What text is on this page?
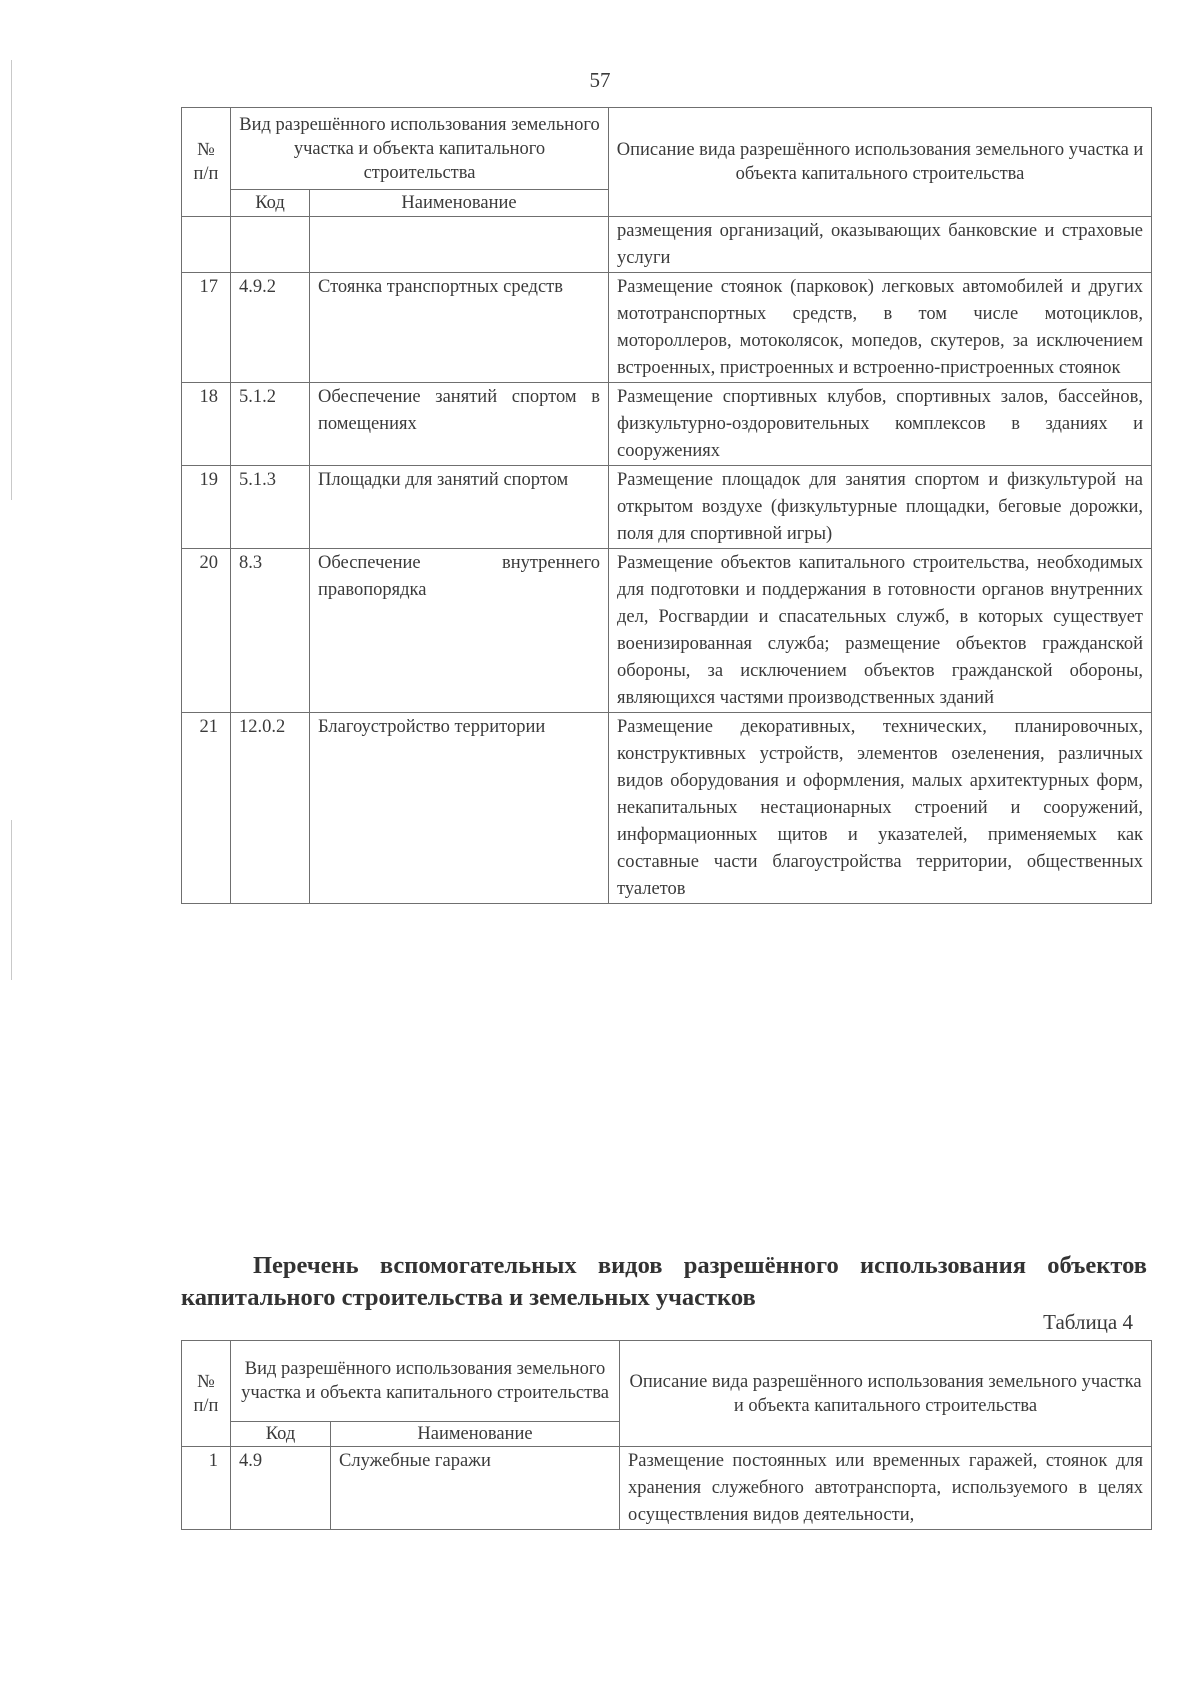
57
№ п/п	Вид разрешённого использования земельного участка и объекта капитального строительства		Описание вида разрешённого использования земельного участка и объекта капитального строительства
	Код	Наименование	
			размещения организаций, оказывающих банковские и страховые услуги
17	4.9.2	Стоянка транспортных средств	Размещение стоянок (парковок) легковых автомобилей и других мототранспортных средств, в том числе мотоциклов, мотороллеров, мотоколясок, мопедов, скутеров, за исключением встроенных, пристроенных и встроенно-пристроенных стоянок
18	5.1.2	Обеспечение занятий спортом в помещениях	Размещение спортивных клубов, спортивных залов, бассейнов, физкультурно-оздоровительных комплексов в зданиях и сооружениях
19	5.1.3	Площадки для занятий спортом	Размещение площадок для занятия спортом и физкультурой на открытом воздухе (физкультурные площадки, беговые дорожки, поля для спортивной игры)
20	8.3	Обеспечение внутреннего правопорядка	Размещение объектов капитального строительства, необходимых для подготовки и поддержания в готовности органов внутренних дел, Росгвардии и спасательных служб, в которых существует военизированная служба; размещение объектов гражданской обороны, за исключением объектов гражданской обороны, являющихся частями производственных зданий
21	12.0.2	Благоустройство территории	Размещение декоративных, технических, планировочных, конструктивных устройств, элементов озеленения, различных видов оборудования и оформления, малых архитектурных форм, некапитальных нестационарных строений и сооружений, информационных щитов и указателей, применяемых как составные части благоустройства территории, общественных туалетов
Перечень вспомогательных видов разрешённого использования объектов капитального строительства и земельных участков
Таблица 4
№ п/п	Вид разрешённого использования земельного участка и объекта капитального строительства		Описание вида разрешённого использования земельного участка и объекта капитального строительства
	Код	Наименование	
1	4.9	Служебные гаражи	Размещение постоянных или временных гаражей, стоянок для хранения служебного автотранспорта, используемого в целях осуществления видов деятельности,
